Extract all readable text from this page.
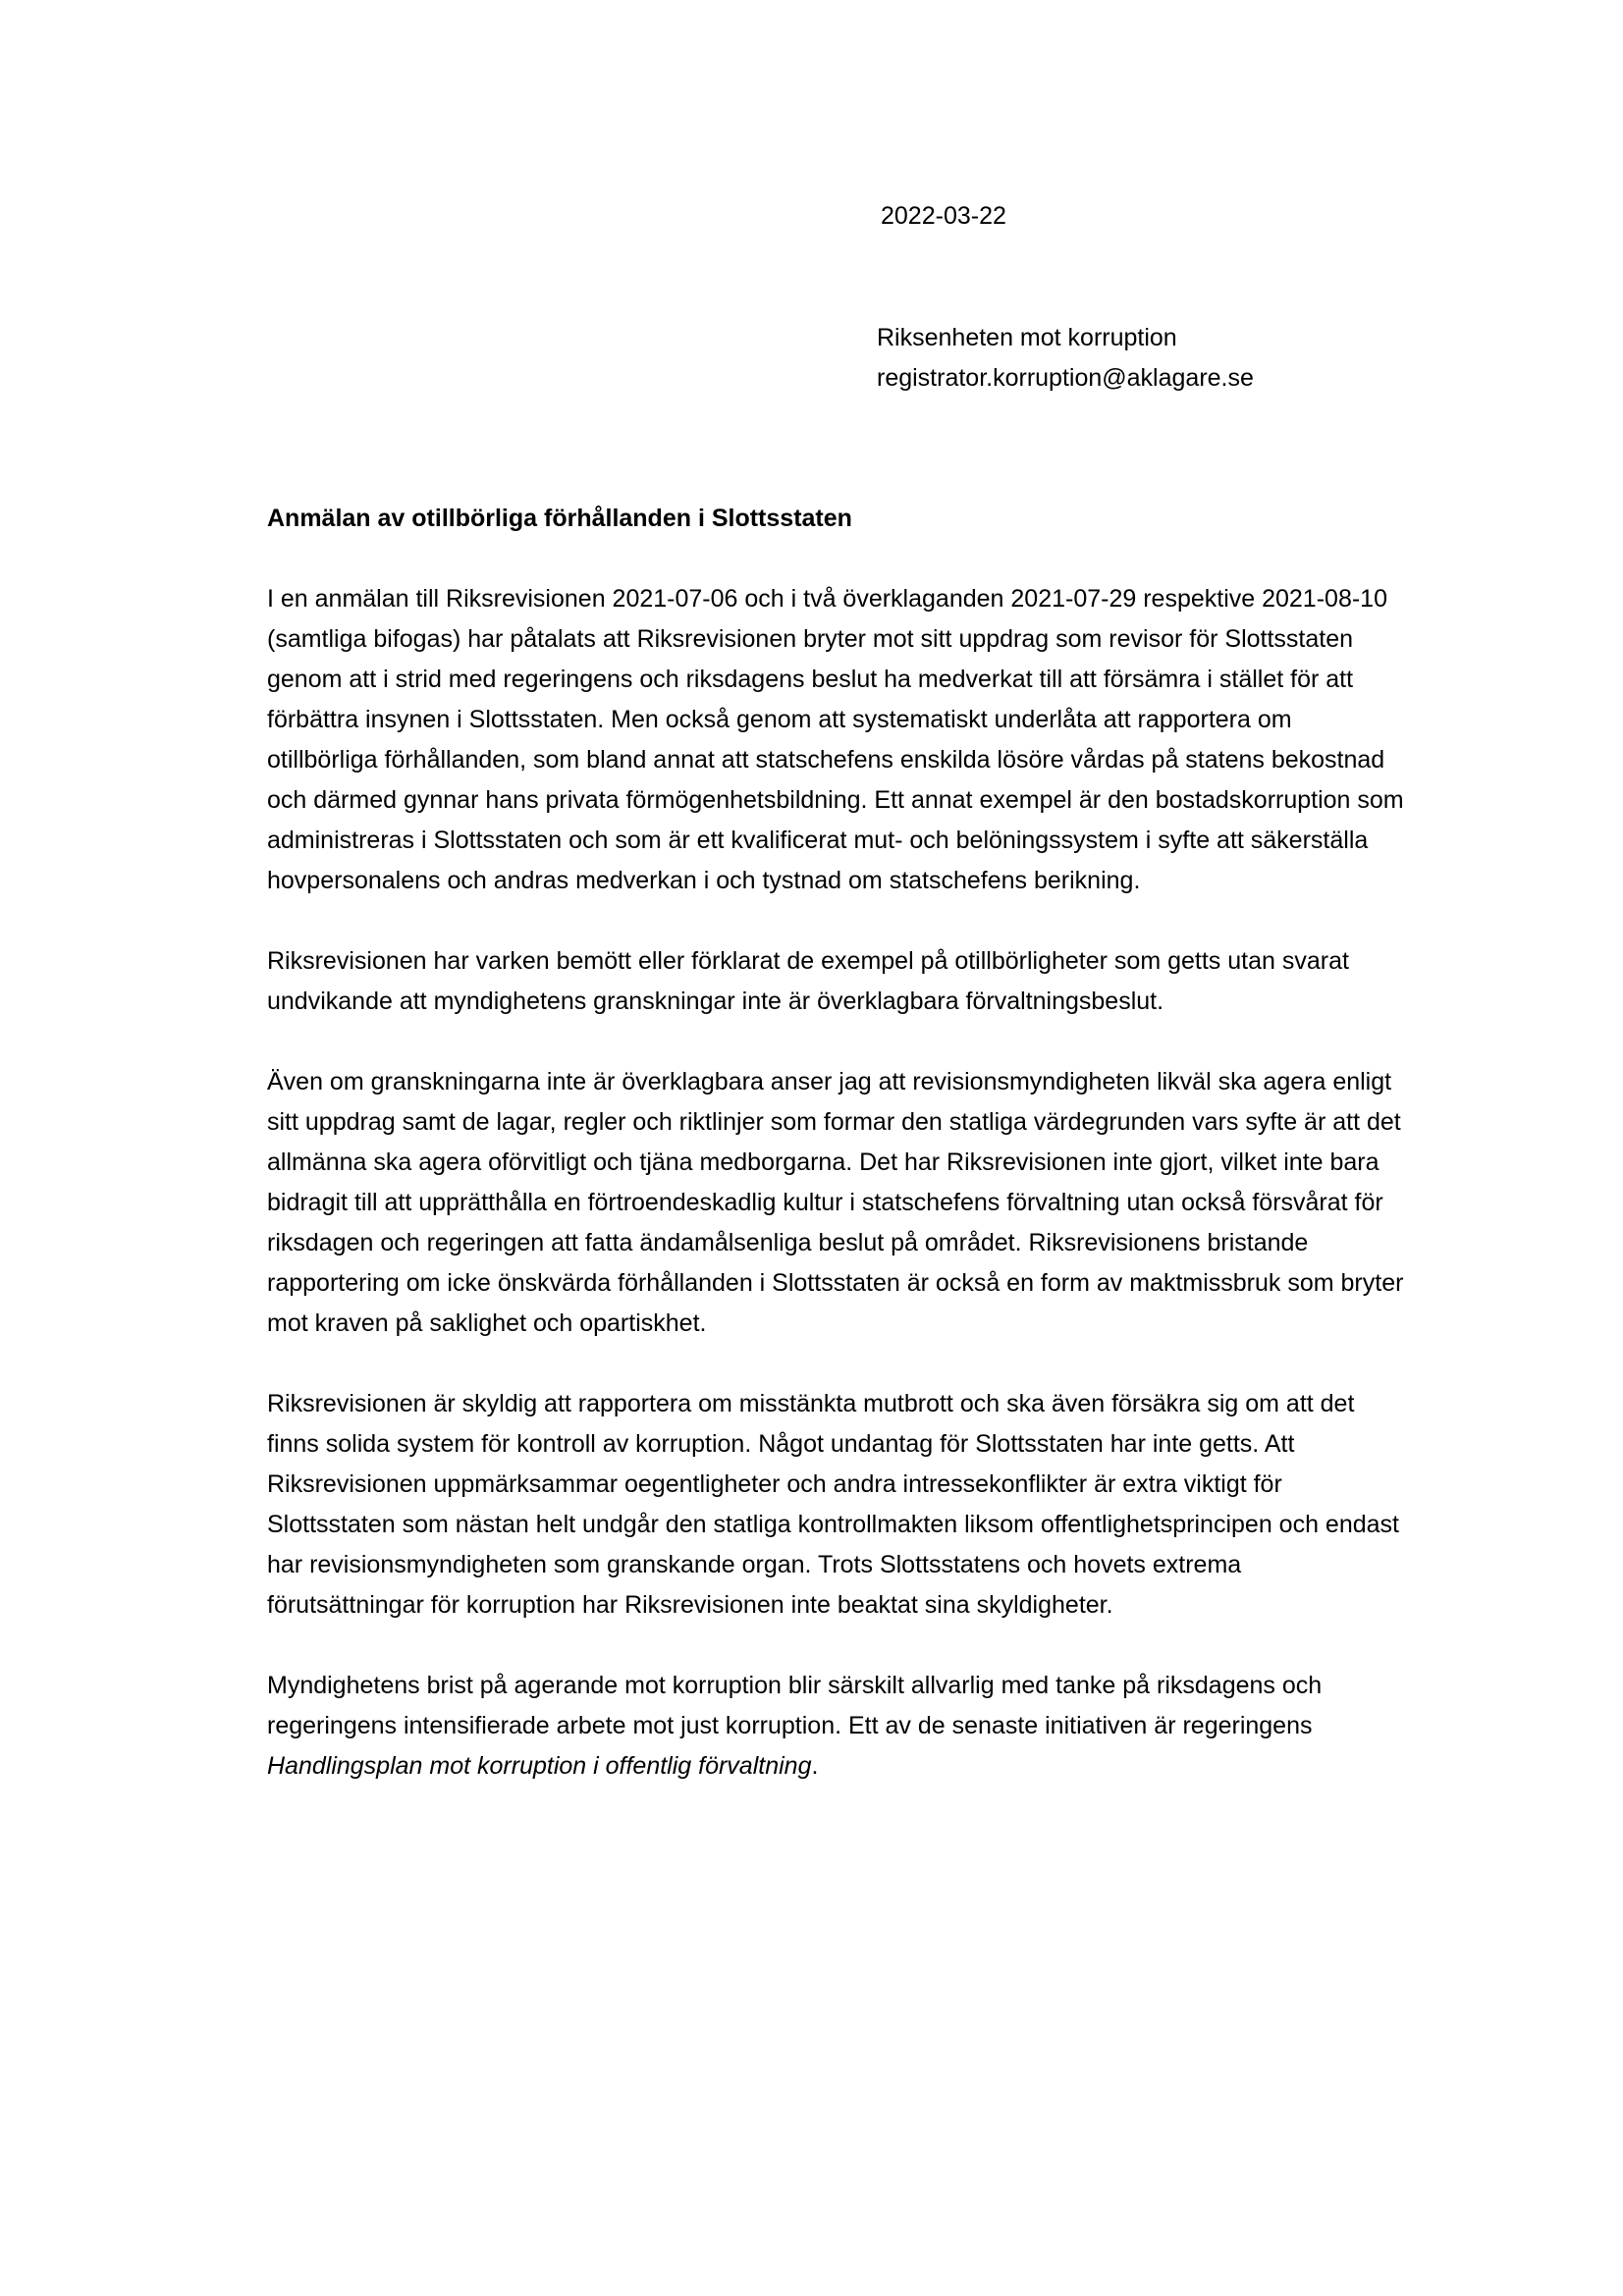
2022-03-22
Riksenheten mot korruption
registrator.korruption@aklagare.se
Anmälan av otillbörliga förhållanden i Slottsstaten

I en anmälan till Riksrevisionen 2021-07-06 och i två överklaganden 2021-07-29 respektive 2021-08-10 (samtliga bifogas) har påtalats att Riksrevisionen bryter mot sitt uppdrag som revisor för Slottsstaten genom att i strid med regeringens och riksdagens beslut ha medverkat till att försämra i stället för att förbättra insynen i Slottsstaten. Men också genom att systematiskt underlåta att rapportera om otillbörliga förhållanden, som bland annat att statschefens enskilda lösöre vårdas på statens bekostnad och därmed gynnar hans privata förmögenhetsbildning. Ett annat exempel är den bostadskorruption som administreras i Slottsstaten och som är ett kvalificerat mut- och belöningssystem i syfte att säkerställa hovpersonalens och andras medverkan i och tystnad om statschefens berikning.

Riksrevisionen har varken bemött eller förklarat de exempel på otillbörligheter som getts utan svarat undvikande att myndighetens granskningar inte är överklagbara förvaltningsbeslut.

Även om granskningarna inte är överklagbara anser jag att revisionsmyndigheten likväl ska agera enligt sitt uppdrag samt de lagar, regler och riktlinjer som formar den statliga värdegrunden vars syfte är att det allmänna ska agera oförvitligt och tjäna medborgarna. Det har Riksrevisionen inte gjort, vilket inte bara bidragit till att upprätthålla en förtroendeskadlig kultur i statschefens förvaltning utan också försvårat för riksdagen och regeringen att fatta ändamålsenliga beslut på området. Riksrevisionens bristande rapportering om icke önskvärda förhållanden i Slottsstaten är också en form av maktmissbruk som bryter mot kraven på saklighet och opartiskhet.

Riksrevisionen är skyldig att rapportera om misstänkta mutbrott och ska även försäkra sig om att det finns solida system för kontroll av korruption. Något undantag för Slottsstaten har inte getts. Att Riksrevisionen uppmärksammar oegentligheter och andra intressekonflikter är extra viktigt för Slottsstaten som nästan helt undgår den statliga kontrollmakten liksom offentlighetsprincipen och endast har revisionsmyndigheten som granskande organ. Trots Slottsstatens och hovets extrema förutsättningar för korruption har Riksrevisionen inte beaktat sina skyldigheter.

Myndighetens brist på agerande mot korruption blir särskilt allvarlig med tanke på riksdagens och regeringens intensifierade arbete mot just korruption. Ett av de senaste initiativen är regeringens Handlingsplan mot korruption i offentlig förvaltning.
